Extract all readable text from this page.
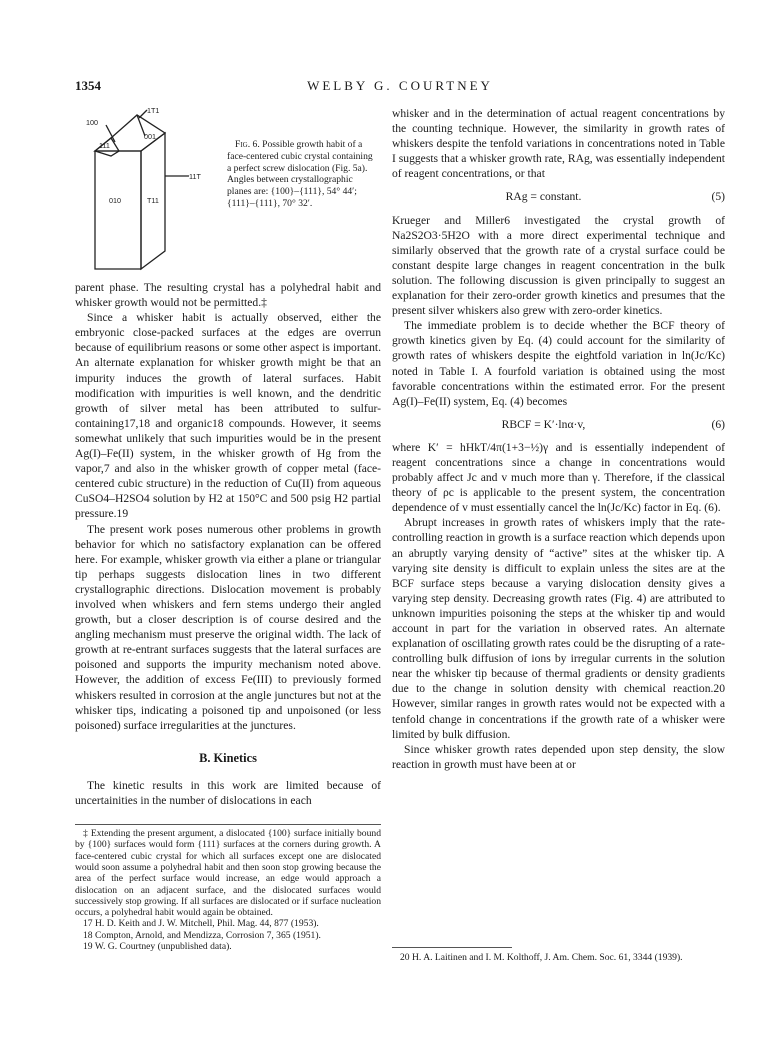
1354	WELBY G. COURTNEY
100
1T1
001
111
11T
010	T11
Fig. 6. Possible growth habit of a face-centered cubic crystal containing a perfect screw dislocation (Fig. 5a). Angles between crystallographic planes are: {100}–{111}, 54° 44′; {111}–{111}, 70° 32′.

parent phase. The resulting crystal has a polyhedral habit and whisker growth would not be permitted.‡

Since a whisker habit is actually observed, either the embryonic close-packed surfaces at the edges are overrun because of equilibrium reasons or some other aspect is important. An alternate explanation for whisker growth might be that an impurity induces the growth of lateral surfaces. Habit modification with impurities is well known, and the dendritic growth of silver metal has been attributed to sulfur-containing17,18 and organic18 compounds. However, it seems somewhat unlikely that such impurities would be in the present Ag(I)–Fe(II) system, in the whisker growth of Hg from the vapor,7 and also in the whisker growth of copper metal (face-centered cubic structure) in the reduction of Cu(II) from aqueous CuSO4–H2SO4 solution by H2 at 150°C and 500 psig H2 partial pressure.19

The present work poses numerous other problems in growth behavior for which no satisfactory explanation can be offered here. For example, whisker growth via either a plane or triangular tip perhaps suggests dislocation lines in two different crystallographic directions. Dislocation movement is probably involved when whiskers and fern stems undergo their angled growth, but a closer description is of course desired and the angling mechanism must preserve the original width. The lack of growth at re-entrant surfaces suggests that the lateral surfaces are poisoned and supports the impurity mechanism noted above. However, the addition of excess Fe(III) to previously formed whiskers resulted in corrosion at the angle junctures but not at the whisker tips, indicating a poisoned tip and unpoisoned (or less poisoned) surface irregularities at the junctures.

B. Kinetics

The kinetic results in this work are limited because of uncertainities in the number of dislocations in each

‡ Extending the present argument, a dislocated {100} surface initially bound by {100} surfaces would form {111} surfaces at the corners during growth. A face-centered cubic crystal for which all surfaces except one are dislocated would soon assume a polyhedral habit and then soon stop growing because the area of the perfect surface would increase, an edge would approach a dislocation on an adjacent surface, and the dislocated surfaces would successively stop growing. If all surfaces are dislocated or if surface nucleation occurs, a polyhedral habit would again be obtained.

17 H. D. Keith and J. W. Mitchell, Phil. Mag. 44, 877 (1953).

18 Compton, Arnold, and Mendizza, Corrosion 7, 365 (1951).

19 W. G. Courtney (unpublished data).

whisker and in the determination of actual reagent concentrations by the counting technique. However, the similarity in growth rates of whiskers despite the tenfold variations in concentrations noted in Table I suggests that a whisker growth rate, RAg, was essentially independent of reagent concentrations, or that

RAg = constant.	(5)

Krueger and Miller6 investigated the crystal growth of Na2S2O3·5H2O with a more direct experimental technique and similarly observed that the growth rate of a crystal surface could be constant despite large changes in reagent concentration in the bulk solution. The following discussion is given principally to suggest an explanation for their zero-order growth kinetics and presumes that the present silver whiskers also grew with zero-order kinetics.

The immediate problem is to decide whether the BCF theory of growth kinetics given by Eq. (4) could account for the similarity of growth rates of whiskers despite the eightfold variation in ln(Jc/Kc) noted in Table I. A fourfold variation is obtained using the most favorable concentrations within the estimated error. For the present Ag(I)–Fe(II) system, Eq. (4) becomes

RBCF = K′·lnα·v,	(6)

where K′ = hHkT/4π(1+3−½)γ and is essentially independent of reagent concentrations since a change in concentrations would probably affect Jc and v much more than γ. Therefore, if the classical theory of ρc is applicable to the present system, the concentration dependence of v must essentially cancel the ln(Jc/Kc) factor in Eq. (6).

Abrupt increases in growth rates of whiskers imply that the rate-controlling reaction in growth is a surface reaction which depends upon an abruptly varying density of “active” sites at the whisker tip. A varying site density is difficult to explain unless the sites are at the BCF surface steps because a varying dislocation density gives a varying step density. Decreasing growth rates (Fig. 4) are attributed to unknown impurities poisoning the steps at the whisker tip and would account in part for the variation in observed rates. An alternate explanation of oscillating growth rates could be the disrupting of a rate-controlling bulk diffusion of ions by irregular currents in the solution near the whisker tip because of thermal gradients or density gradients due to the change in solution density with chemical reaction.20 However, similar ranges in growth rates would not be expected with a tenfold change in concentrations if the growth rate of a whisker were limited by bulk diffusion.

Since whisker growth rates depended upon step density, the slow reaction in growth must have been at or

20 H. A. Laitinen and I. M. Kolthoff, J. Am. Chem. Soc. 61, 3344 (1939).
